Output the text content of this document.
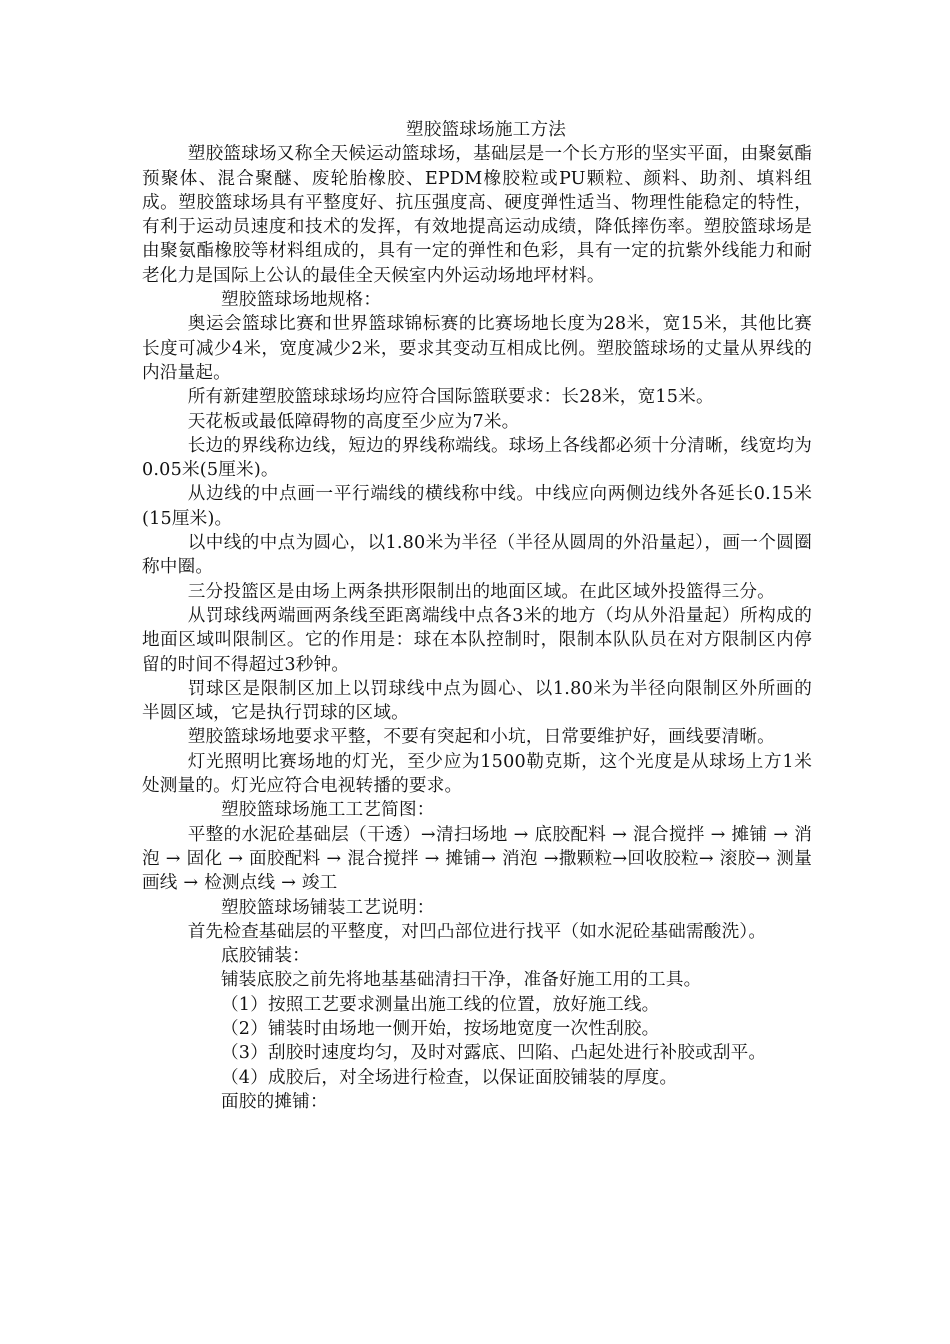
塑胶篮球场施工方法

塑胶篮球场又称全天候运动篮球场，基础层是一个长方形的坚实平面，由聚氨酯预聚体、混合聚醚、废轮胎橡胶、EPDM橡胶粒或PU颗粒、颜料、助剂、填料组成。塑胶篮球场具有平整度好、抗压强度高、硬度弹性适当、物理性能稳定的特性，有利于运动员速度和技术的发挥，有效地提高运动成绩，降低摔伤率。塑胶篮球场是由聚氨酯橡胶等材料组成的，具有一定的弹性和色彩，具有一定的抗紫外线能力和耐老化力是国际上公认的最佳全天候室内外运动场地坪材料。

塑胶篮球场地规格：

奥运会篮球比赛和世界篮球锦标赛的比赛场地长度为28米，宽15米，其他比赛长度可减少4米，宽度减少2米，要求其变动互相成比例。塑胶篮球场的丈量从界线的内沿量起。

所有新建塑胶篮球球场均应符合国际篮联要求：长28米，宽15米。

天花板或最低障碍物的高度至少应为7米。

长边的界线称边线，短边的界线称端线。球场上各线都必须十分清晰，线宽均为0.05米(5厘米)。

从边线的中点画一平行端线的横线称中线。中线应向两侧边线外各延长0.15米(15厘米)。

以中线的中点为圆心，以1.80米为半径（半径从圆周的外沿量起），画一个圆圈称中圈。

三分投篮区是由场上两条拱形限制出的地面区域。在此区域外投篮得三分。

从罚球线两端画两条线至距离端线中点各3米的地方（均从外沿量起）所构成的地面区域叫限制区。它的作用是：球在本队控制时，限制本队队员在对方限制区内停留的时间不得超过3秒钟。

罚球区是限制区加上以罚球线中点为圆心、以1.80米为半径向限制区外所画的半圆区域，它是执行罚球的区域。

塑胶篮球场地要求平整，不要有突起和小坑，日常要维护好，画线要清晰。

灯光照明比赛场地的灯光，至少应为1500勒克斯，这个光度是从球场上方1米处测量的。灯光应符合电视转播的要求。

塑胶篮球场施工工艺简图：

平整的水泥砼基础层（干透）→清扫场地 → 底胶配料 → 混合搅拌 → 摊铺 → 消泡 → 固化 → 面胶配料 → 混合搅拌 → 摊铺→ 消泡 →撒颗粒→回收胶粒→ 滚胶→ 测量画线 → 检测点线 → 竣工

塑胶篮球场铺装工艺说明：

首先检查基础层的平整度，对凹凸部位进行找平（如水泥砼基础需酸洗）。

底胶铺装：

铺装底胶之前先将地基基础清扫干净，准备好施工用的工具。

（1）按照工艺要求测量出施工线的位置，放好施工线。

（2）铺装时由场地一侧开始，按场地宽度一次性刮胶。

（3）刮胶时速度均匀，及时对露底、凹陷、凸起处进行补胶或刮平。

（4）成胶后，对全场进行检查，以保证面胶铺装的厚度。

面胶的摊铺：
